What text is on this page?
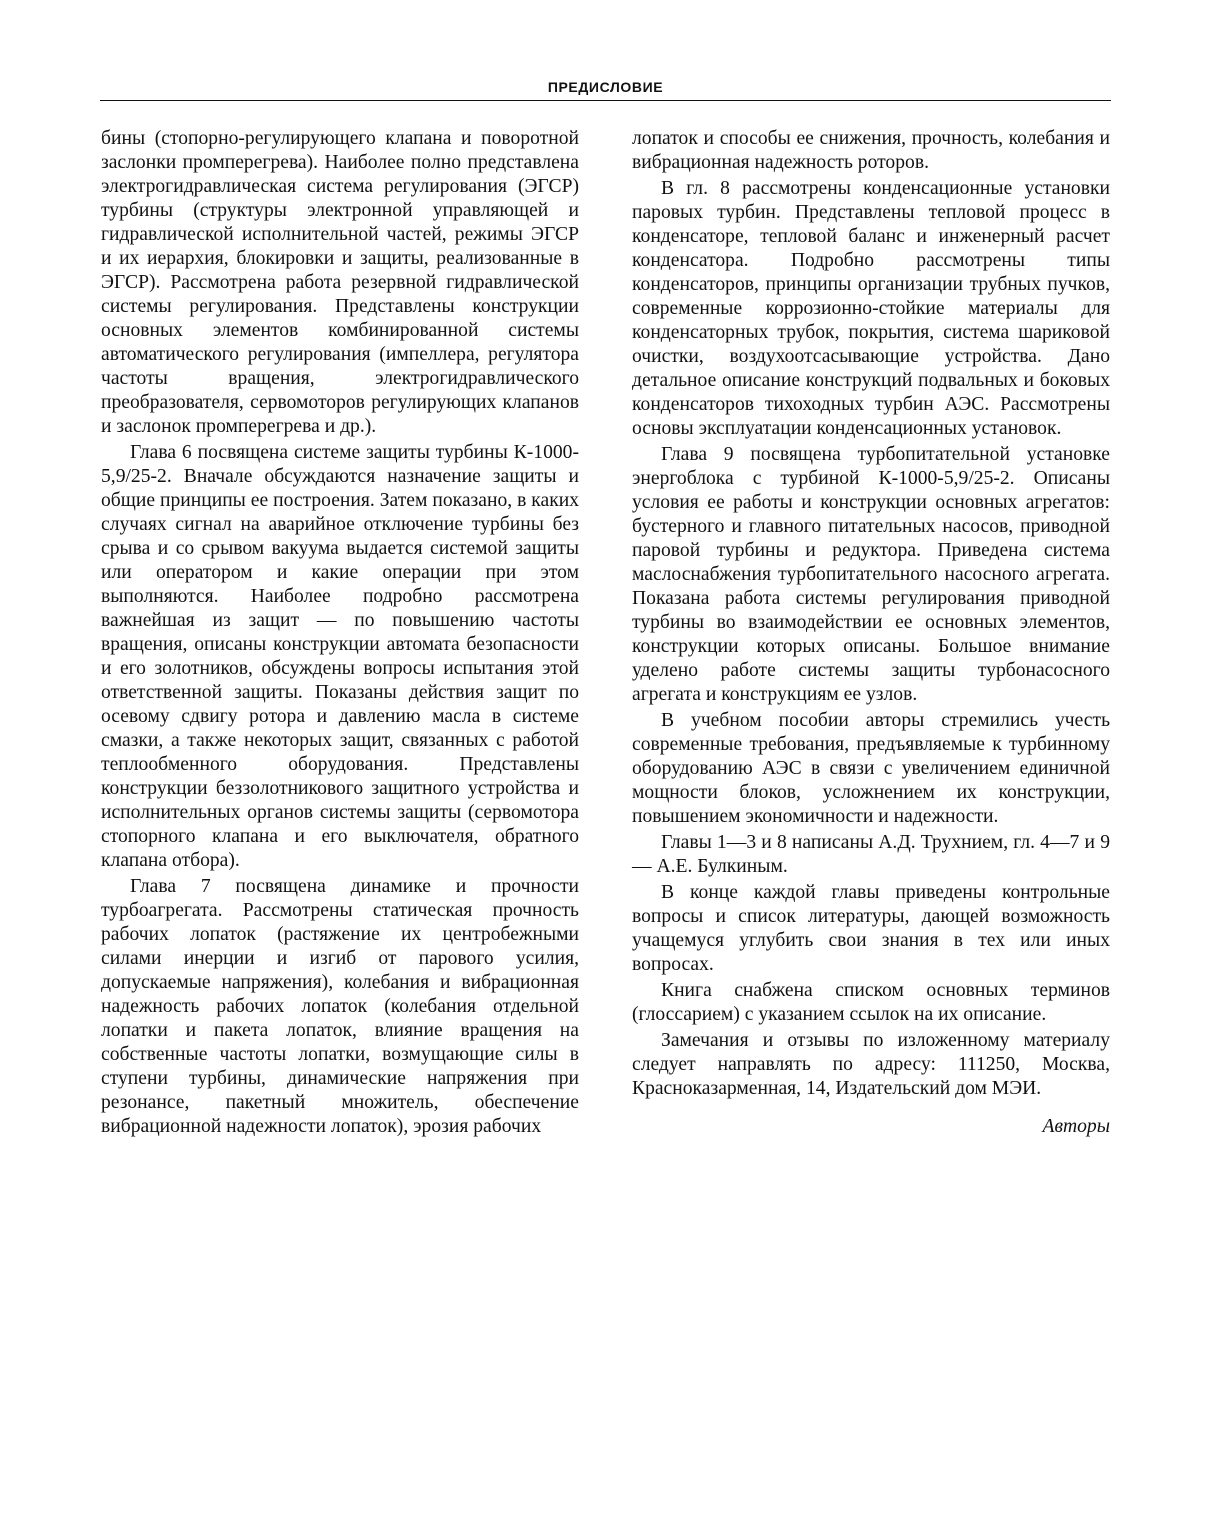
ПРЕДИСЛОВИЕ

бины (стопорно-регулирующего клапана и поворотной заслонки промперегрева). Наиболее полно представлена электрогидравлическая система регулирования (ЭГСР) турбины (структуры электронной управляющей и гидравлической исполнительной частей, режимы ЭГСР и их иерархия, блокировки и защиты, реализованные в ЭГСР). Рассмотрена работа резервной гидравлической системы регулирования. Представлены конструкции основных элементов комбинированной системы автоматического регулирования (импеллера, регулятора частоты вращения, электрогидравлического преобразователя, сервомоторов регулирующих клапанов и заслонок промперегрева и др.).

Глава 6 посвящена системе защиты турбины К-1000-5,9/25-2. Вначале обсуждаются назначение защиты и общие принципы ее построения. Затем показано, в каких случаях сигнал на аварийное отключение турбины без срыва и со срывом вакуума выдается системой защиты или оператором и какие операции при этом выполняются. Наиболее подробно рассмотрена важнейшая из защит — по повышению частоты вращения, описаны конструкции автомата безопасности и его золотников, обсуждены вопросы испытания этой ответственной защиты. Показаны действия защит по осевому сдвигу ротора и давлению масла в системе смазки, а также некоторых защит, связанных с работой теплообменного оборудования. Представлены конструкции беззолотникового защитного устройства и исполнительных органов системы защиты (сервомотора стопорного клапана и его выключателя, обратного клапана отбора).

Глава 7 посвящена динамике и прочности турбоагрегата. Рассмотрены статическая прочность рабочих лопаток (растяжение их центробежными силами инерции и изгиб от парового усилия, допускаемые напряжения), колебания и вибрационная надежность рабочих лопаток (колебания отдельной лопатки и пакета лопаток, влияние вращения на собственные частоты лопатки, возмущающие силы в ступени турбины, динамические напряжения при резонансе, пакетный множитель, обеспечение вибрационной надежности лопаток), эрозия рабочих

лопаток и способы ее снижения, прочность, колебания и вибрационная надежность роторов.

В гл. 8 рассмотрены конденсационные установки паровых турбин. Представлены тепловой процесс в конденсаторе, тепловой баланс и инженерный расчет конденсатора. Подробно рассмотрены типы конденсаторов, принципы организации трубных пучков, современные коррозионно-стойкие материалы для конденсаторных трубок, покрытия, система шариковой очистки, воздухоотсасывающие устройства. Дано детальное описание конструкций подвальных и боковых конденсаторов тихоходных турбин АЭС. Рассмотрены основы эксплуатации конденсационных установок.

Глава 9 посвящена турбопитательной установке энергоблока с турбиной К-1000-5,9/25-2. Описаны условия ее работы и конструкции основных агрегатов: бустерного и главного питательных насосов, приводной паровой турбины и редуктора. Приведена система маслоснабжения турбопитательного насосного агрегата. Показана работа системы регулирования приводной турбины во взаимодействии ее основных элементов, конструкции которых описаны. Большое внимание уделено работе системы защиты турбонасосного агрегата и конструкциям ее узлов.

В учебном пособии авторы стремились учесть современные требования, предъявляемые к турбинному оборудованию АЭС в связи с увеличением единичной мощности блоков, усложнением их конструкции, повышением экономичности и надежности.

Главы 1—3 и 8 написаны А.Д. Трухнием, гл. 4—7 и 9 — А.Е. Булкиным.

В конце каждой главы приведены контрольные вопросы и список литературы, дающей возможность учащемуся углубить свои знания в тех или иных вопросах.

Книга снабжена списком основных терминов (глоссарием) с указанием ссылок на их описание.

Замечания и отзывы по изложенному материалу следует направлять по адресу: 111250, Москва, Красноказарменная, 14, Издательский дом МЭИ.

Авторы
